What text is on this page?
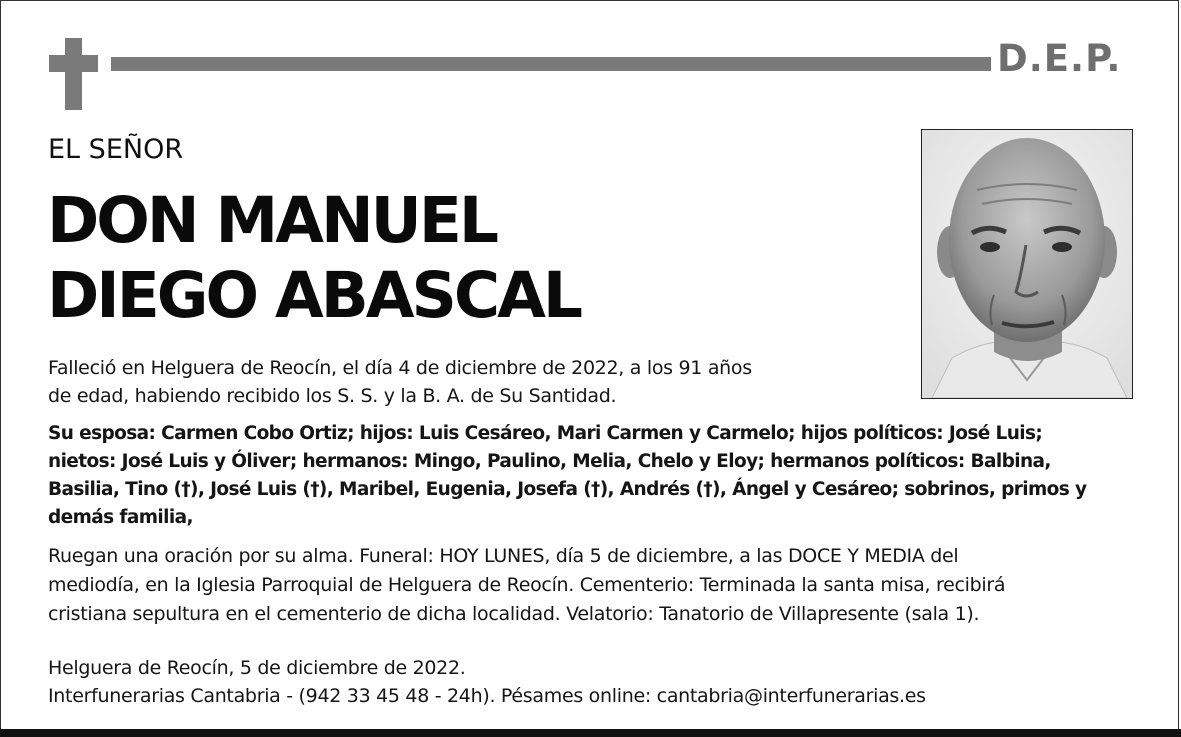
D.E.P.
EL SEÑOR
DON MANUEL
DIEGO ABASCAL
Falleció en Helguera de Reocín, el día 4 de diciembre de 2022, a los 91 años
de edad, habiendo recibido los S. S. y la B. A. de Su Santidad.
Su esposa: Carmen Cobo Ortiz; hijos: Luis Cesáreo, Mari Carmen y Carmelo; hijos políticos: José Luis;
nietos: José Luis y Óliver; hermanos: Mingo, Paulino, Melia, Chelo y Eloy; hermanos políticos: Balbina,
Basilia, Tino (†), José Luis (†), Maribel, Eugenia, Josefa (†), Andrés (†), Ángel y Cesáreo; sobrinos, primos y
demás familia,
Ruegan una oración por su alma. Funeral: HOY LUNES, día 5 de diciembre, a las DOCE Y MEDIA del
mediodía, en la Iglesia Parroquial de Helguera de Reocín. Cementerio: Terminada la santa misa, recibirá
cristiana sepultura en el cementerio de dicha localidad. Velatorio: Tanatorio de Villapresente (sala 1).
Helguera de Reocín, 5 de diciembre de 2022.
Interfunerarias Cantabria - (942 33 45 48 - 24h). Pésames online: cantabria@interfunerarias.es
